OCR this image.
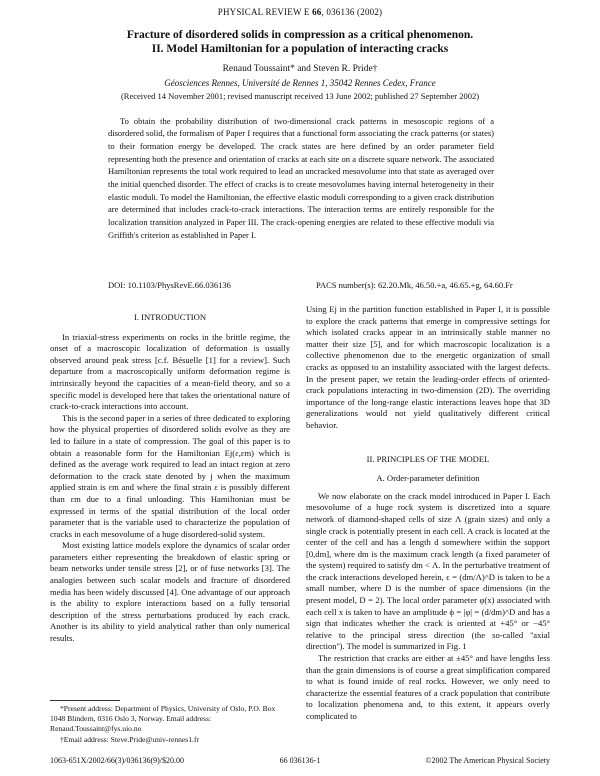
PHYSICAL REVIEW E 66, 036136 (2002)
Fracture of disordered solids in compression as a critical phenomenon.
II. Model Hamiltonian for a population of interacting cracks
Renaud Toussaint* and Steven R. Pride†
Géosciences Rennes, Université de Rennes 1, 35042 Rennes Cedex, France
(Received 14 November 2001; revised manuscript received 13 June 2002; published 27 September 2002)

To obtain the probability distribution of two-dimensional crack patterns in mesoscopic regions of a disordered solid, the formalism of Paper I requires that a functional form associating the crack patterns (or states) to their formation energy be developed. The crack states are here defined by an order parameter field representing both the presence and orientation of cracks at each site on a discrete square network. The associated Hamiltonian represents the total work required to lead an uncracked mesovolume into that state as averaged over the initial quenched disorder. The effect of cracks is to create mesovolumes having internal heterogeneity in their elastic moduli. To model the Hamiltonian, the effective elastic moduli corresponding to a given crack distribution are determined that includes crack-to-crack interactions. The interaction terms are entirely responsible for the localization transition analyzed in Paper III. The crack-opening energies are related to these effective moduli via Griffith's criterion as established in Paper I.

DOI: 10.1103/PhysRevE.66.036136	PACS number(s): 62.20.Mk, 46.50.+a, 46.65.+g, 64.60.Fr
I. INTRODUCTION

In triaxial-stress experiments on rocks in the brittle regime, the onset of a macroscopic localization of deformation is usually observed around peak stress [c.f. Bésuelle [1] for a review]. Such departure from a macroscopically uniform deformation regime is intrinsically beyond the capacities of a mean-field theory, and so a specific model is developed here that takes the orientational nature of crack-to-crack interactions into account.

This is the second paper in a series of three dedicated to exploring how the physical properties of disordered solids evolve as they are led to failure in a state of compression. The goal of this paper is to obtain a reasonable form for the Hamiltonian Ej(ε,εm) which is defined as the average work required to lead an intact region at zero deformation to the crack state denoted by j when the maximum applied strain is εm and where the final strain ε is possibly different than εm due to a final unloading. This Hamiltonian must be expressed in terms of the spatial distribution of the local order parameter that is the variable used to characterize the population of cracks in each mesovolume of a huge disordered-solid system.

Most existing lattice models explore the dynamics of scalar order parameters either representing the breakdown of elastic spring or beam networks under tensile stress [2], or of fuse networks [3]. The analogies between such scalar models and fracture of disordered media has been widely discussed [4]. One advantage of our approach is the ability to explore interactions based on a fully tensorial description of the stress perturbations produced by each crack. Another is its ability to yield analytical rather than only numerical results.

Using Ej in the partition function established in Paper I, it is possible to explore the crack patterns that emerge in compressive settings for which isolated cracks appear in an intrinsically stable manner no matter their size [5], and for which macroscopic localization is a collective phenomenon due to the energetic organization of small cracks as opposed to an instability associated with the largest defects. In the present paper, we retain the leading-order effects of oriented-crack populations interacting in two-dimension (2D). The overriding importance of the long-range elastic interactions leaves hope that 3D generalizations would not yield qualitatively different critical behavior.

II. PRINCIPLES OF THE MODEL
A. Order-parameter definition

We now elaborate on the crack model introduced in Paper I. Each mesovolume of a huge rock system is discretized into a square network of diamond-shaped cells of size Λ (grain sizes) and only a single crack is potentially present in each cell. A crack is located at the center of the cell and has a length d somewhere within the support [0,dm], where dm is the maximum crack length (a fixed parameter of the system) required to satisfy dm < Λ. In the perturbative treatment of the crack interactions developed herein, ϵ = (dm/Λ)^D is taken to be a small number, where D is the number of space dimensions (in the present model, D = 2). The local order parameter φ(x) associated with each cell x is taken to have an amplitude ϕ = |φ| = (d/dm)^D and has a sign that indicates whether the crack is oriented at +45° or −45° relative to the principal stress direction (the so-called ''axial direction''). The model is summarized in Fig. 1

The restriction that cracks are either at ±45° and have lengths less than the grain dimensions is of course a great simplification compared to what is found inside of real rocks. However, we only need to characterize the essential features of a crack population that contribute to localization phenomena and, to this extent, it appears overly complicated to

*Present address: Department of Physics, University of Oslo, P.O. Box 1048 Blindern, 0316 Oslo 3, Norway. Email address: Renaud.Toussaint@fys.uio.no

†Email address: Steve.Pride@univ-rennes1.fr

1063-651X/2002/66(3)/036136(9)/$20.00	66 036136-1	©2002 The American Physical Society
